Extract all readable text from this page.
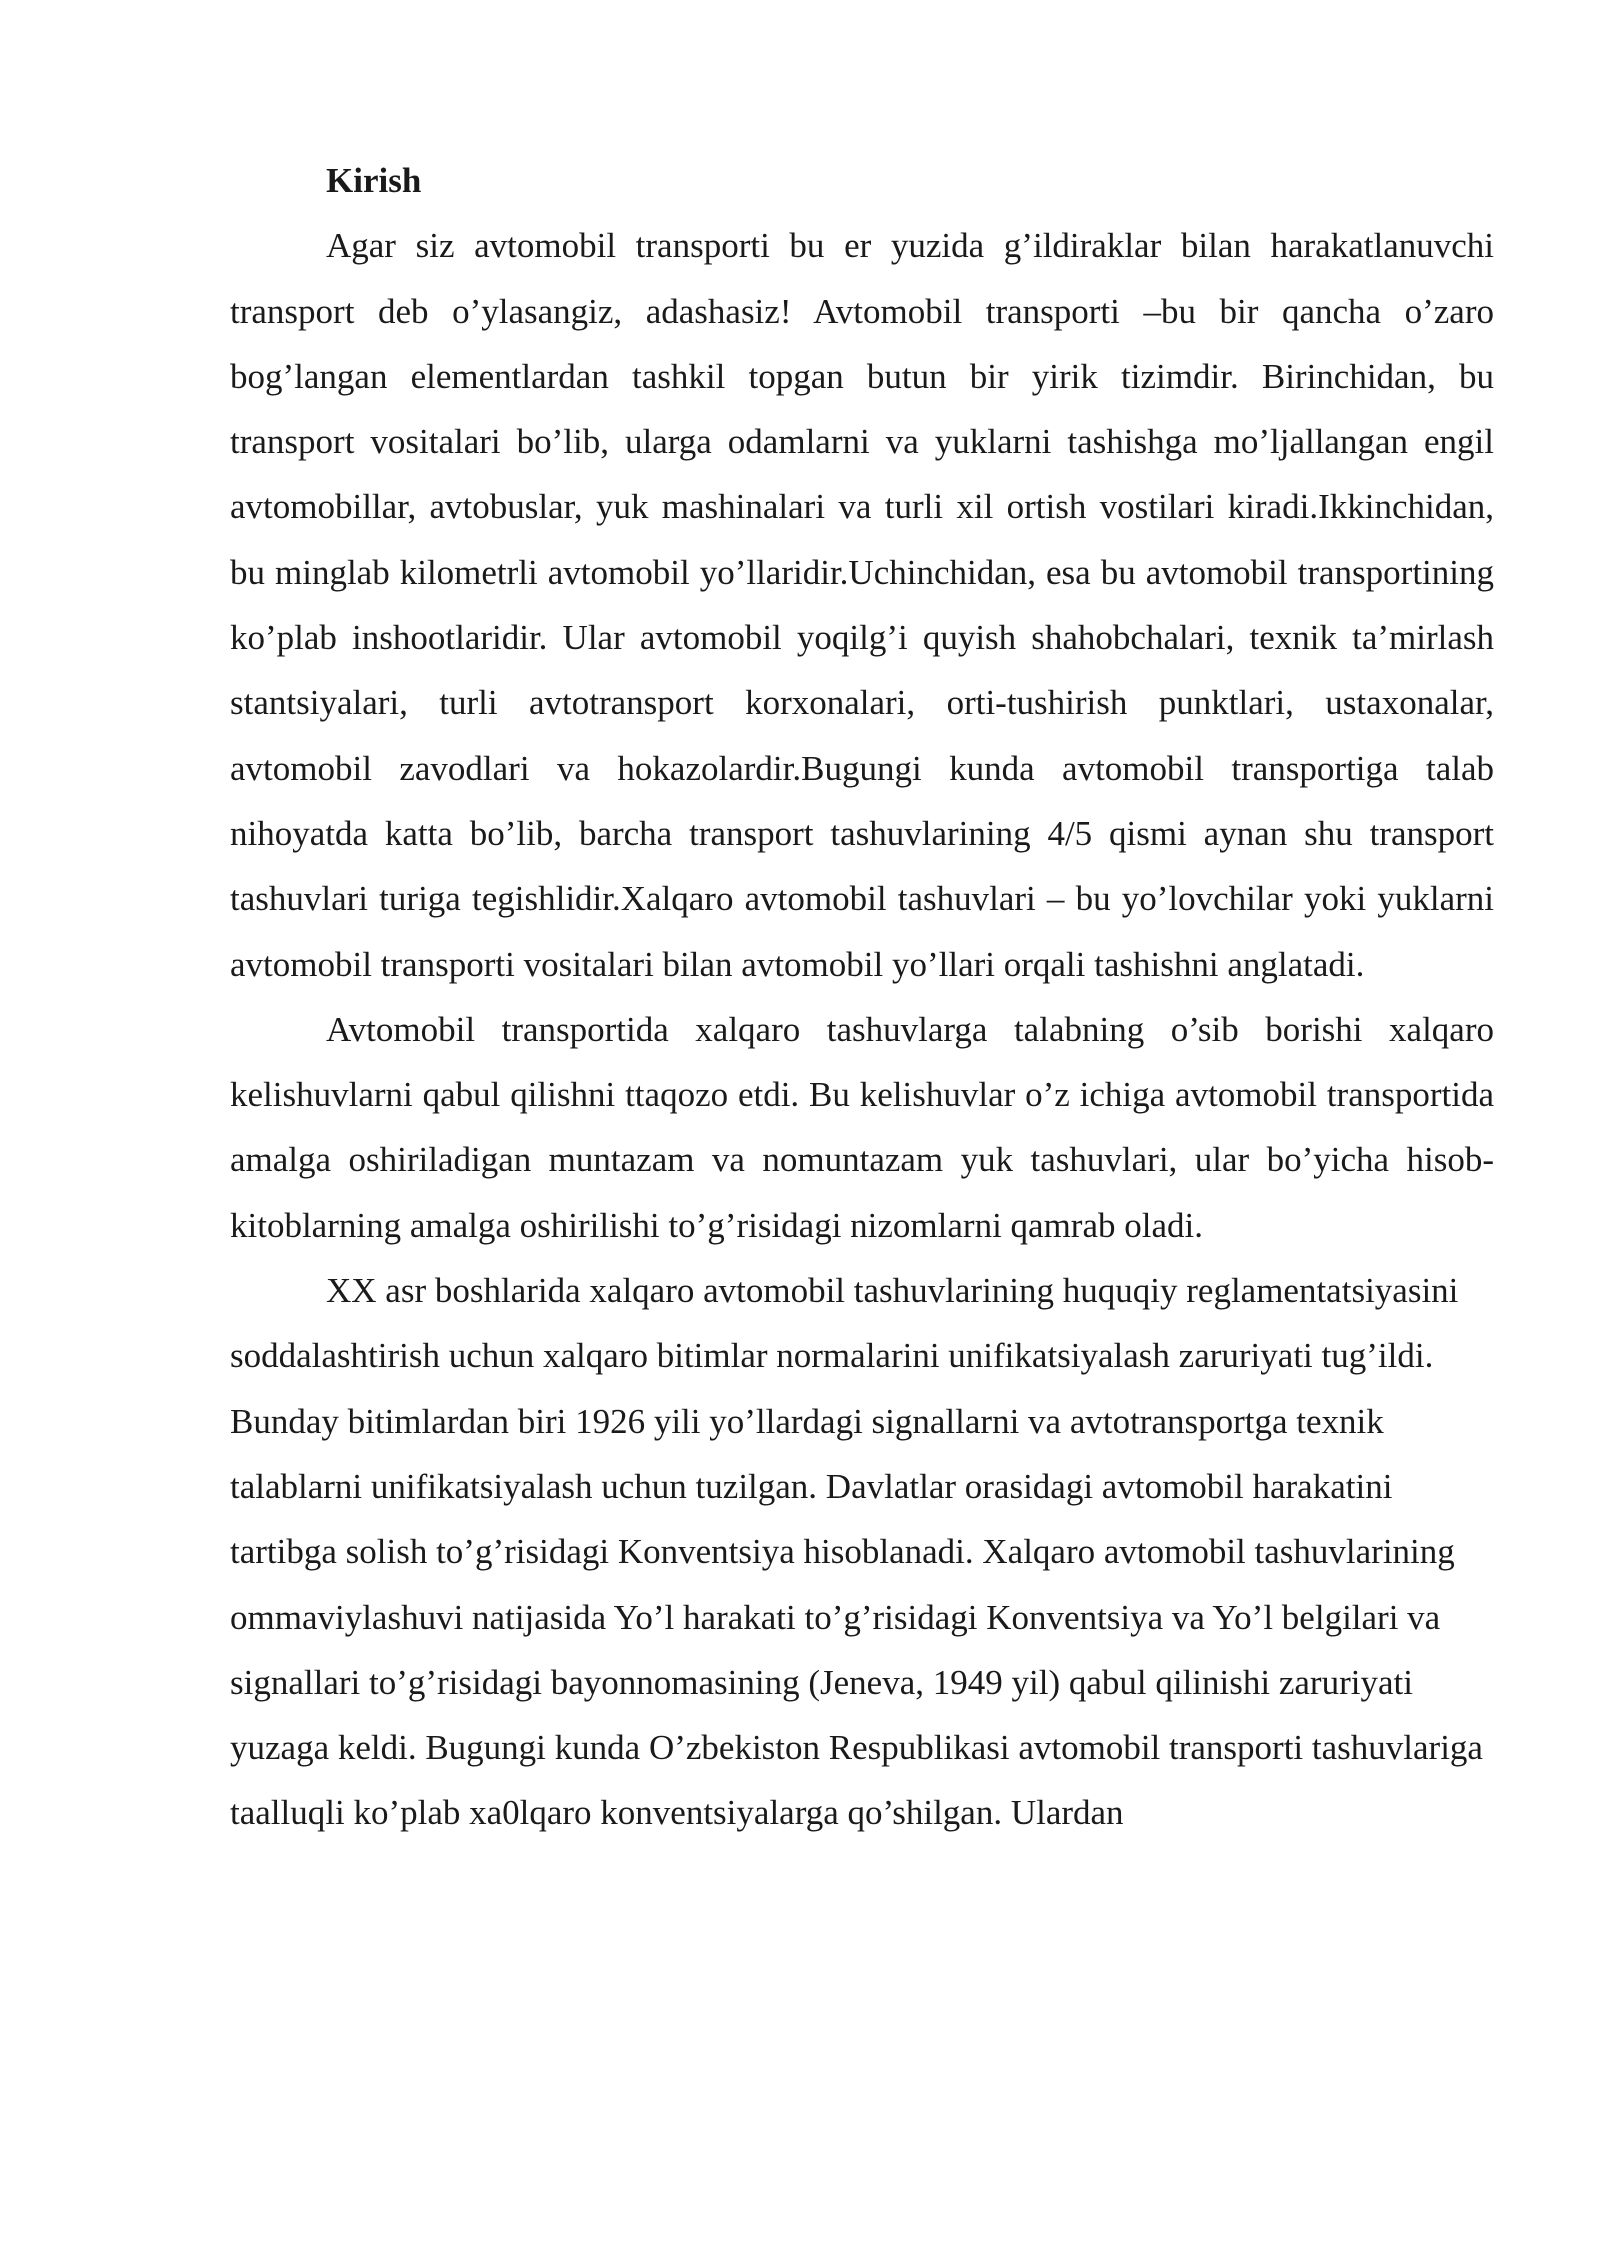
Kirish

Agar siz avtomobil transporti bu er yuzida g’ildiraklar bilan harakatlanuvchi transport deb o’ylasangiz, adashasiz! Avtomobil transporti –bu bir qancha o’zaro bog’langan elementlardan tashkil topgan butun bir yirik tizimdir. Birinchidan, bu transport vositalari bo’lib, ularga odamlarni va yuklarni tashishga mo’ljallangan engil avtomobillar, avtobuslar, yuk mashinalari va turli xil ortish vostilari kiradi.Ikkinchidan, bu minglab kilometrli avtomobil yo’llaridir.Uchinchidan, esa bu avtomobil transportining ko’plab inshootlaridir. Ular avtomobil yoqilg’i quyish shahobchalari, texnik ta’mirlash stantsiyalari, turli avtotransport korxonalari, orti-tushirish punktlari, ustaxonalar, avtomobil zavodlari va hokazolardir.Bugungi kunda avtomobil transportiga talab nihoyatda katta bo’lib, barcha transport tashuvlarining 4/5 qismi aynan shu transport tashuvlari turiga tegishlidir.Xalqaro avtomobil tashuvlari – bu yo’lovchilar yoki yuklarni avtomobil transporti vositalari bilan avtomobil yo’llari orqali tashishni anglatadi.

Avtomobil transportida xalqaro tashuvlarga talabning o’sib borishi xalqaro kelishuvlarni qabul qilishni ttaqozo etdi. Bu kelishuvlar o’z ichiga avtomobil transportida amalga oshiriladigan muntazam va nomuntazam yuk tashuvlari, ular bo’yicha hisob-kitoblarning amalga oshirilishi to’g’risidagi nizomlarni qamrab oladi.

XX asr boshlarida xalqaro avtomobil tashuvlarining huquqiy reglamentatsiyasini soddalashtirish uchun xalqaro bitimlar normalarini unifikatsiyalash zaruriyati tug’ildi. Bunday bitimlardan biri 1926 yili yo’llardagi signallarni va avtotransportga texnik talablarni unifikatsiyalash uchun tuzilgan. Davlatlar orasidagi avtomobil harakatini tartibga solish to’g’risidagi Konventsiya hisoblanadi. Xalqaro avtomobil tashuvlarining ommaviylashuvi natijasida Yo’l harakati to’g’risidagi Konventsiya va Yo’l belgilari va signallari to’g’risidagi bayonnomasining (Jeneva, 1949 yil) qabul qilinishi zaruriyati yuzaga keldi. Bugungi kunda O’zbekiston Respublikasi avtomobil transporti tashuvlariga taalluqli ko’plab xa0lqaro konventsiyalarga qo’shilgan. Ulardan
